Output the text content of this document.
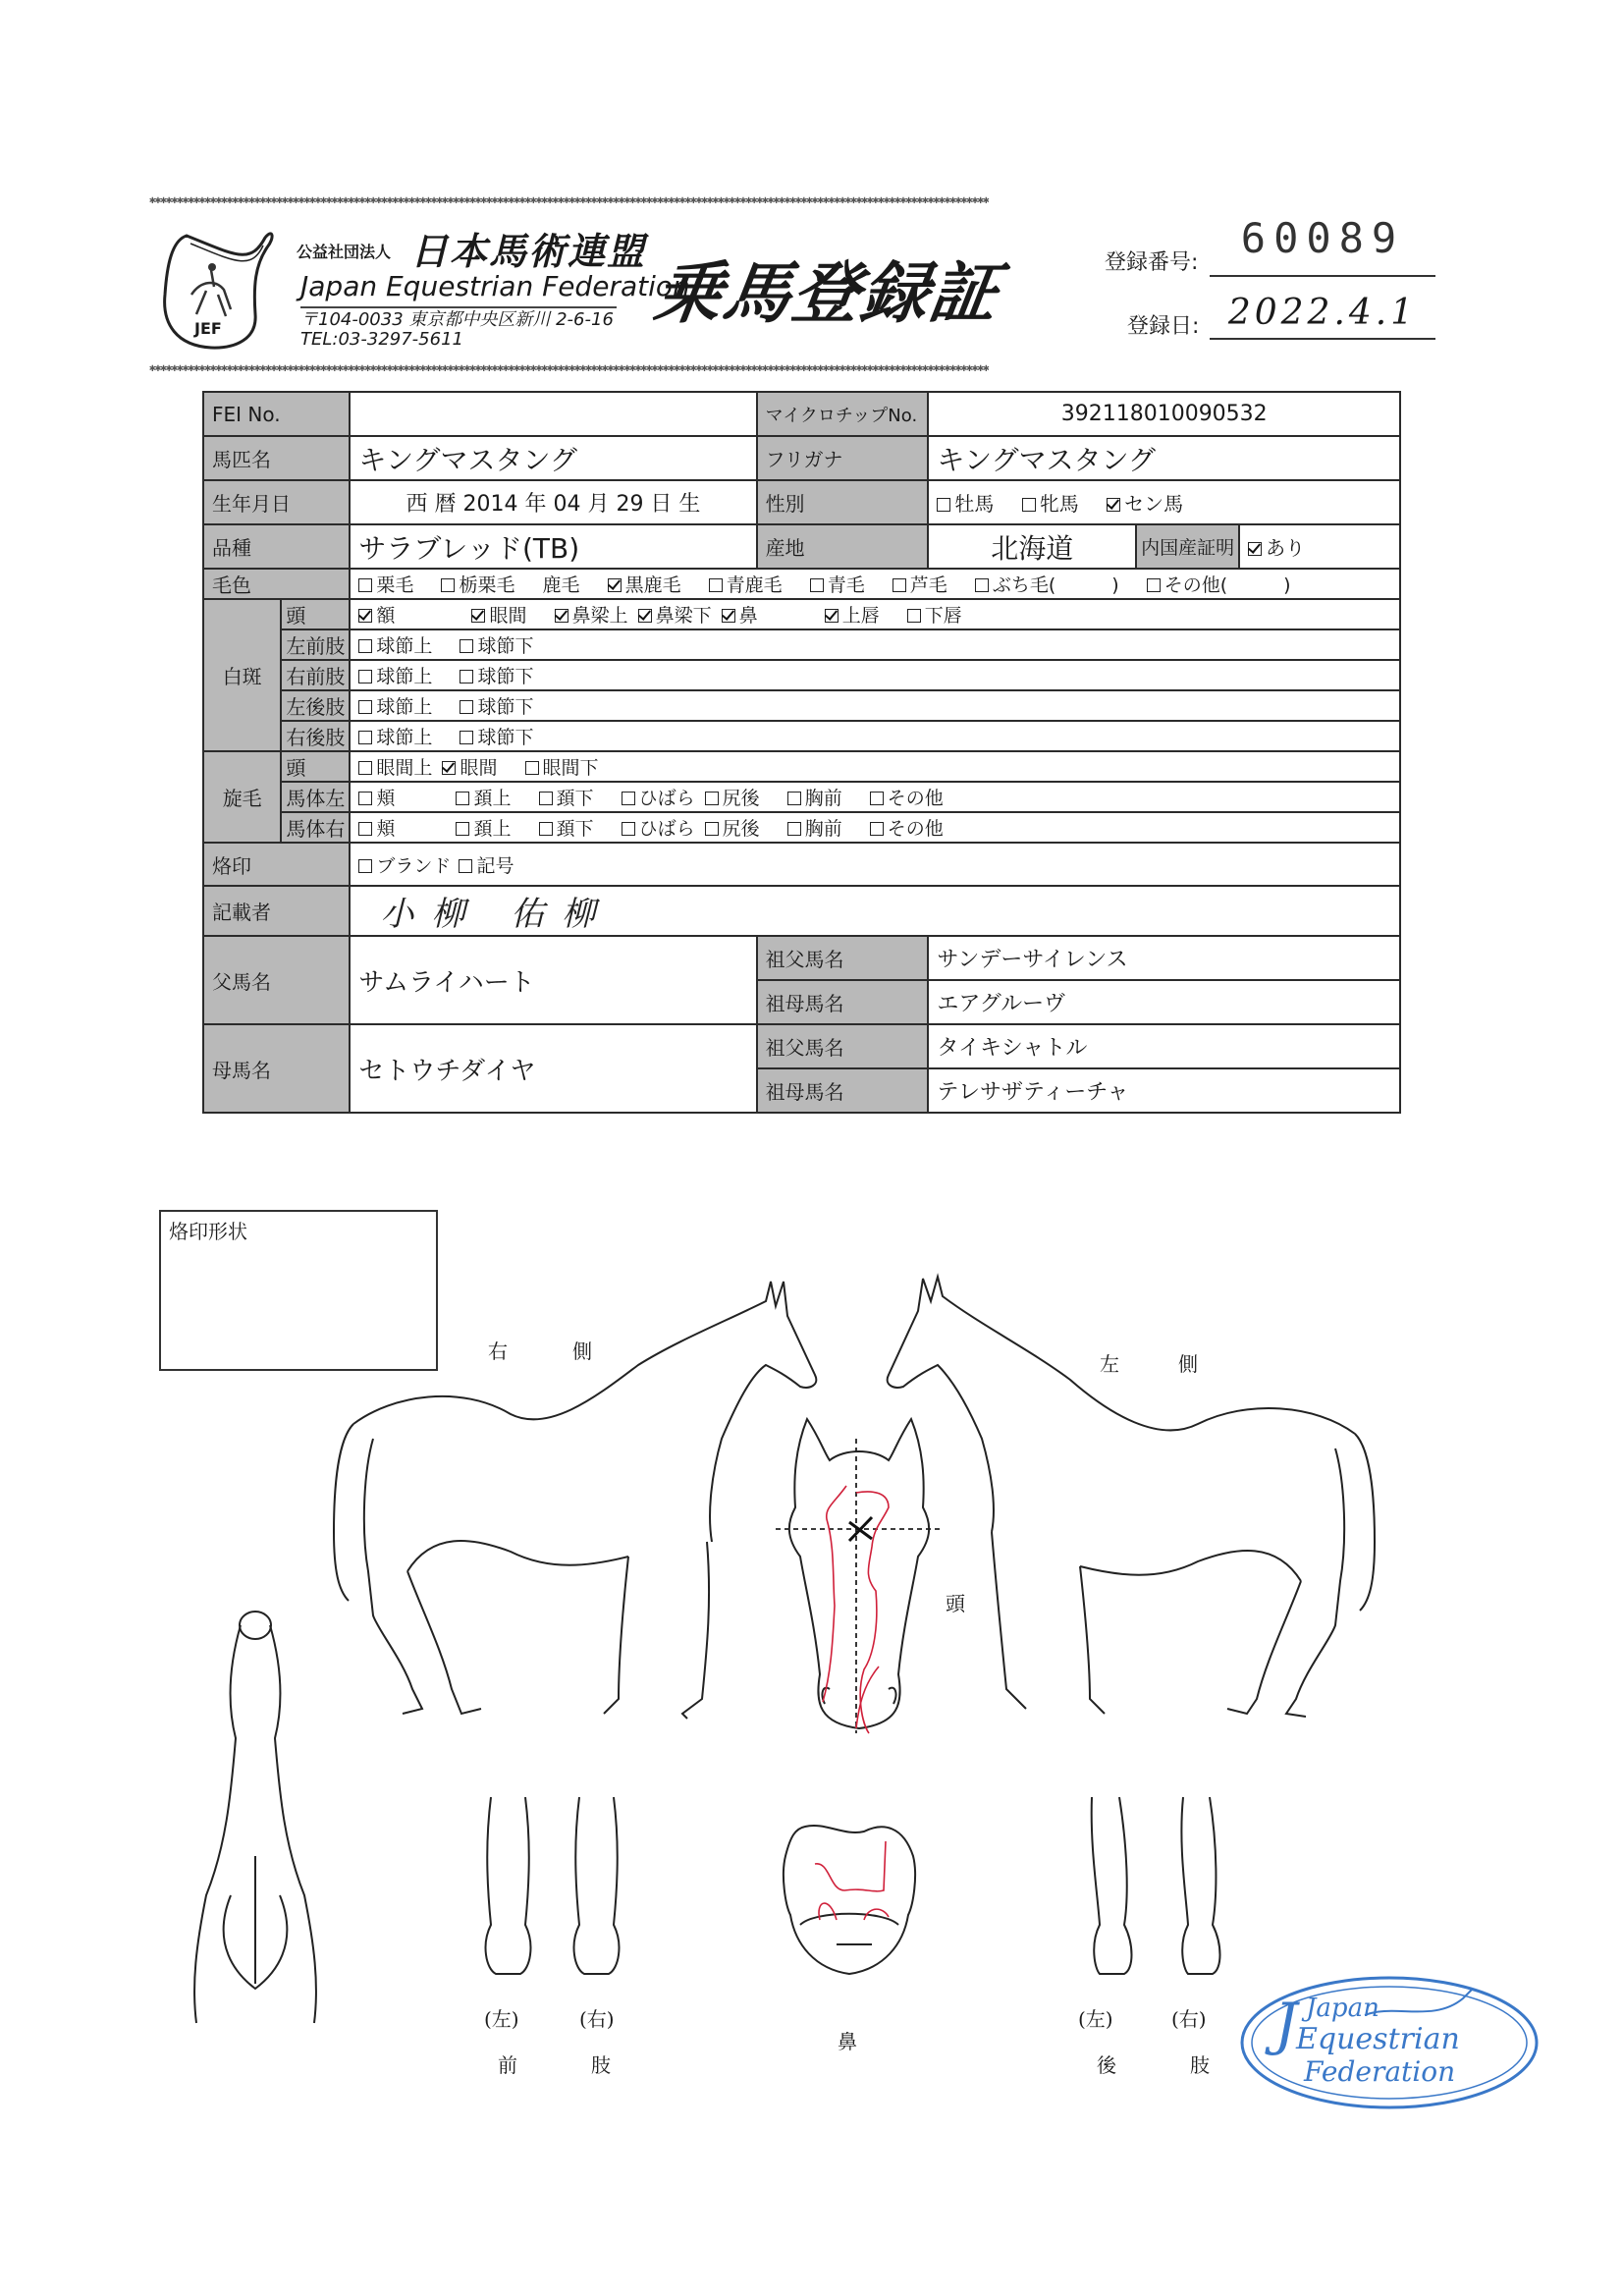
✱✱✱✱✱✱✱✱✱✱✱✱✱✱✱✱✱✱✱✱✱✱✱✱✱✱✱✱✱✱✱✱✱✱✱✱✱✱✱✱✱✱✱✱✱✱✱✱✱✱✱✱✱✱✱✱✱✱✱✱✱✱✱✱✱✱✱✱✱✱✱✱✱✱✱✱✱✱✱✱✱✱✱✱✱✱✱✱✱✱✱✱✱✱✱✱✱✱✱✱✱✱✱✱✱✱✱✱✱✱✱✱✱✱✱✱✱✱✱✱✱✱✱✱✱✱✱✱✱✱✱✱✱✱✱✱✱✱✱✱✱✱✱✱✱✱✱✱✱✱✱✱
✱✱✱✱✱✱✱✱✱✱✱✱✱✱✱✱✱✱✱✱✱✱✱✱✱✱✱✱✱✱✱✱✱✱✱✱✱✱✱✱✱✱✱✱✱✱✱✱✱✱✱✱✱✱✱✱✱✱✱✱✱✱✱✱✱✱✱✱✱✱✱✱✱✱✱✱✱✱✱✱✱✱✱✱✱✱✱✱✱✱✱✱✱✱✱✱✱✱✱✱✱✱✱✱✱✱✱✱✱✱✱✱✱✱✱✱✱✱✱✱✱✱✱✱✱✱✱✱✱✱✱✱✱✱✱✱✱✱✱✱✱✱✱✱✱✱✱✱✱✱✱✱
JEF
公益社団法人 日本馬術連盟
Japan Equestrian Federation
〒104-0033 東京都中央区新川 2-6-16
TEL:03-3297-5611
乗馬登録証	登録番号:
60089
登録日: 2022.4.1
FEI No.			マイクロチップNo.	392118010090532		
馬匹名		キングマスタング	フリガナ	キングマスタング		
生年月日		西 暦 2014 年 04 月 29 日 生	性別	牡馬 牝馬 セン馬		
品種		サラブレッド(TB)	産地	北海道	内国産証明	あり
毛色		栗毛 栃栗毛 鹿毛 黒鹿毛 青鹿毛 青毛 芦毛 ぶち毛(　　　) その他(　　　)				
白斑	頭	額 眼間 鼻梁上 鼻梁下 鼻 上唇 下唇				
	左前肢	球節上 球節下				
	右前肢	球節上 球節下				
	左後肢	球節上 球節下				
	右後肢	球節上 球節下				
旋毛	頭	眼間上 眼間 眼間下				
	馬体左	頬 頚上 頚下 ひばら 尻後 胸前 その他				
	馬体右	頬 頚上 頚下 ひばら 尻後 胸前 その他				
烙印		ブランド 記号				
記載者		小柳 佑柳				
父馬名		サムライハート	祖父馬名	サンデーサイレンス		
			祖母馬名	エアグルーヴ		
母馬名		セトウチダイヤ	祖父馬名	タイキシャトル		
			祖母馬名	テレサザティーチャ		
烙印形状
右	側
左	側
頭
(左)	(右)
前	肢
鼻
(左)	(右)
後	肢
J Japan
Equestrian
Federation
